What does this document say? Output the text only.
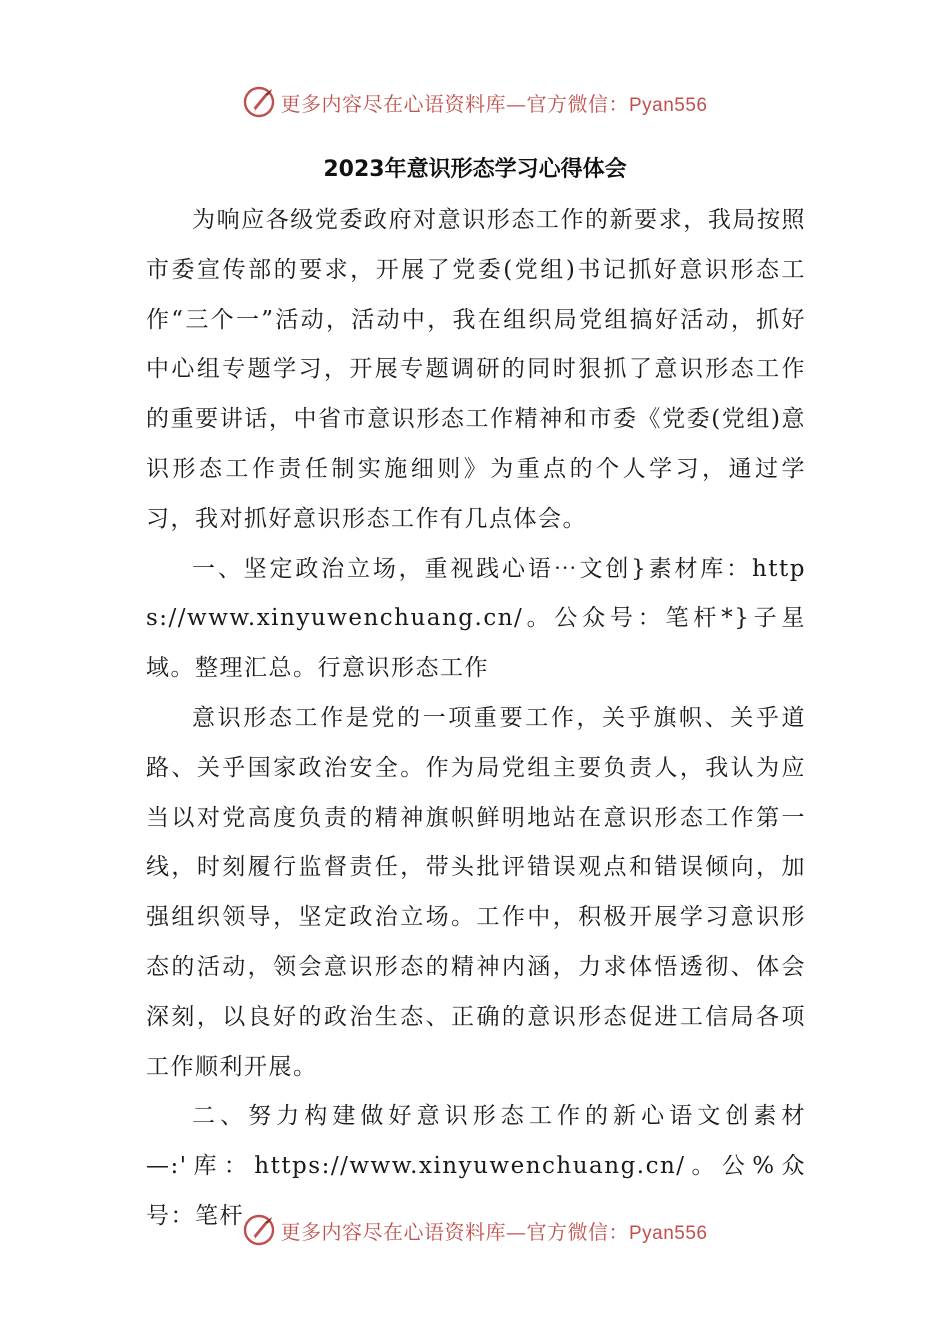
更多内容尽在心语资料库—官方微信：Pyan556
2023年意识形态学习心得体会

为响应各级党委政府对意识形态工作的新要求，我局按照市委宣传部的要求，开展了党委(党组)书记抓好意识形态工作“三个一”活动，活动中，我在组织局党组搞好活动，抓好中心组专题学习，开展专题调研的同时狠抓了意识形态工作的重要讲话，中省市意识形态工作精神和市委《党委(党组)意识形态工作责任制实施细则》为重点的个人学习，通过学习，我对抓好意识形态工作有几点体会。

一、坚定政治立场，重视践心语⋯文创}素材库：https://www.xinyuwenchuang.cn/。公众号：笔杆*}子星域。整理汇总。行意识形态工作

意识形态工作是党的一项重要工作，关乎旗帜、关乎道路、关乎国家政治安全。作为局党组主要负责人，我认为应当以对党高度负责的精神旗帜鲜明地站在意识形态工作第一线，时刻履行监督责任，带头批评错误观点和错误倾向，加强组织领导，坚定政治立场。工作中，积极开展学习意识形态的活动，领会意识形态的精神内涵，力求体悟透彻、体会深刻，以良好的政治生态、正确的意识形态促进工信局各项工作顺利开展。

二、努力构建做好意识形态工作的新心语文创素材—:'库：https://www.xinyuwenchuang.cn/。公%众号：笔杆

更多内容尽在心语资料库—官方微信：Pyan556
